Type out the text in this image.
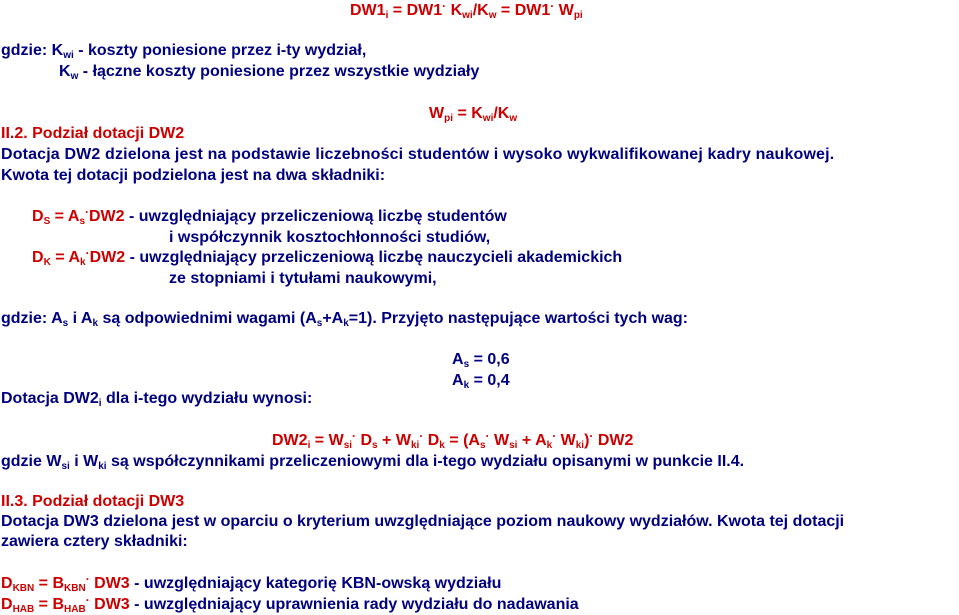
$DW1_i = DW1^\cdot$ $K_{wi}/K_w = DW1^\cdot$ $W_{pi}$
gdzie: $K_{wi}$ - koszty poniesione przez i-ty wydział,
$K_w$ - łączne koszty poniesione przez wszystkie wydziały
$W_{pi} = K_{wi}/K_w$
II.2. Podział dotacji DW2
Dotacja DW2 dzielona jest na podstawie liczebności studentów i wysoko wykwalifikowanej kadry naukowej.
Kwota tej dotacji podzielona jest na dwa składniki:
$D_S = A_s^\cdot DW2$ - uwzględniający przeliczeniową liczbę studentów
i współczynnik kosztochłonności studiów,
$D_K = A_k^\cdot DW2$ - uwzględniający przeliczeniową liczbę nauczycieli akademickich
ze stopniami i tytułami naukowymi,
gdzie: $A_s$ i $A_k$ są odpowiednimi wagami $(A_s+A_k=1)$. Przyjęto następujące wartości tych wag:
$A_s = 0,6$
$A_k = 0,4$
Dotacja $DW2_i$ dla i-tego wydziału wynosi:
$DW2_i = W_{si}^\cdot$ $D_s + W_{ki}^\cdot$ $D_k = (A_s^\cdot$ $W_{si} + A_k^\cdot$ $W_{ki})^\cdot$ DW2
gdzie $W_{si}$ i $W_{ki}$ są współczynnikami przeliczeniowymi dla i-tego wydziału opisanymi w punkcie II.4.
II.3. Podział dotacji DW3
Dotacja DW3 dzielona jest w oparciu o kryterium uwzględniające poziom naukowy wydziałów. Kwota tej dotacji
zawiera cztery składniki:
$D_{KBN} = B_{KBN}^\cdot$ DW3 - uwzględniający kategorię KBN-owską wydziału
$D_{HAB} = B_{HAB}^\cdot$ DW3 - uwzględniający uprawnienia rady wydziału do nadawania
